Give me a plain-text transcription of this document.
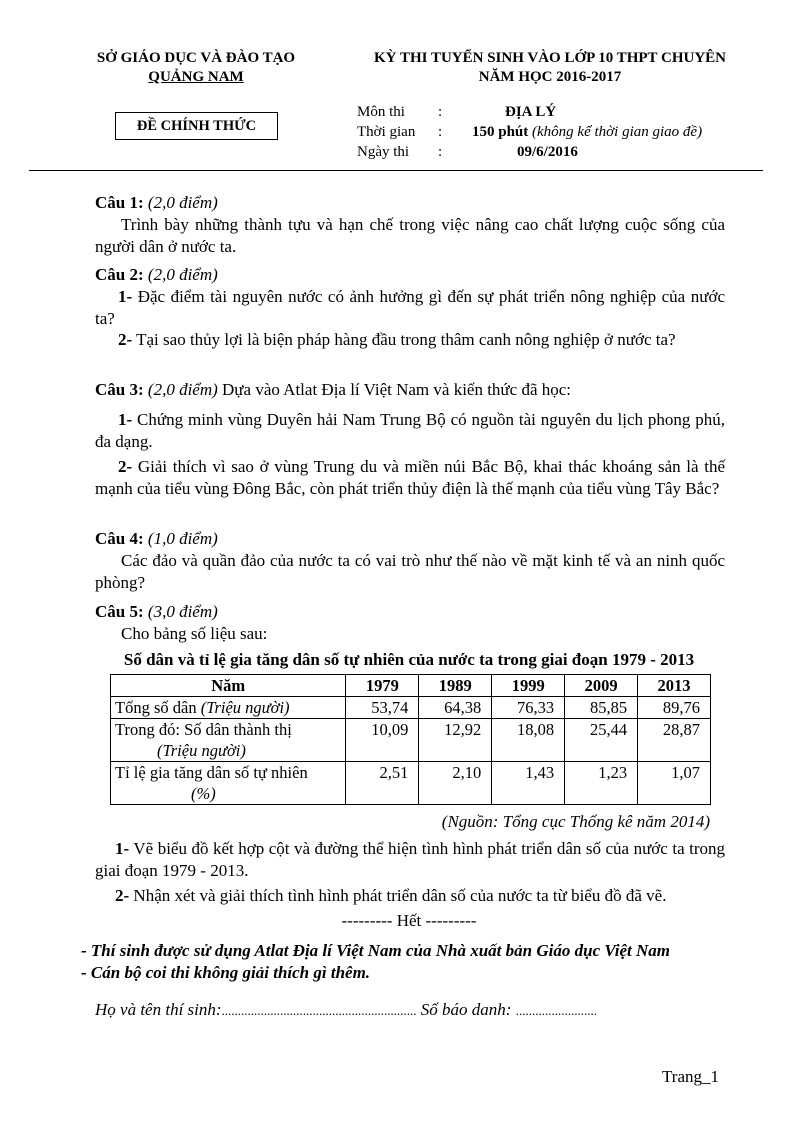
SỞ GIÁO DỤC VÀ ĐÀO TẠO
QUẢNG NAM
KỲ THI TUYỂN SINH VÀO LỚP 10 THPT CHUYÊN
NĂM HỌC 2016-2017
ĐỀ CHÍNH THỨC
Môn thi :	ĐỊA LÝ
Thời gian : 150 phút (không kể thời gian giao đề)
Ngày thi :	09/6/2016
Câu 1: (2,0 điểm)
Trình bày những thành tựu và hạn chế trong việc nâng cao chất lượng cuộc sống của người dân ở nước ta.
Câu 2: (2,0 điểm)
1- Đặc điểm tài nguyên nước có ảnh hưởng gì đến sự phát triển nông nghiệp của nước ta?
2- Tại sao thủy lợi là biện pháp hàng đầu trong thâm canh nông nghiệp ở nước ta?
Câu 3: (2,0 điểm) Dựa vào Atlat Địa lí Việt Nam và kiến thức đã học:
1- Chứng minh vùng Duyên hải Nam Trung Bộ có nguồn tài nguyên du lịch phong phú, đa dạng.
2- Giải thích vì sao ở vùng Trung du và miền núi Bắc Bộ, khai thác khoáng sản là thế mạnh của tiểu vùng Đông Bắc, còn phát triển thủy điện là thế mạnh của tiểu vùng Tây Bắc?
Câu 4: (1,0 điểm)
Các đảo và quần đảo của nước ta có vai trò như thế nào về mặt kinh tế và an ninh quốc phòng?
Câu 5: (3,0 điểm)
Cho bảng số liệu sau:
Số dân và tỉ lệ gia tăng dân số tự nhiên của nước ta trong giai đoạn 1979 - 2013
Năm	1979	1989	1999	2009	2013
Tổng số dân (Triệu người)	53,74	64,38	76,33	85,85	89,76

Trong đó: Số dân thành thị
(Triệu người)	10,09	12,92	18,08	25,44	28,87

Tỉ lệ gia tăng dân số tự nhiên
(%)	2,51	2,10	1,43	1,23	1,07
(Nguồn: Tổng cục Thống kê năm 2014)
1- Vẽ biểu đồ kết hợp cột và đường thể hiện tình hình phát triển dân số của nước ta trong giai đoạn 1979 - 2013.
2- Nhận xét và giải thích tình hình phát triển dân số của nước ta từ biểu đồ đã vẽ.
--------- Hết ---------
- Thí sinh được sử dụng Atlat Địa lí Việt Nam của Nhà xuất bản Giáo dục Việt Nam
- Cán bộ coi thi không giải thích gì thêm.
Họ và tên thí sinh:............................................................ Số báo danh: .........................
Trang_1
